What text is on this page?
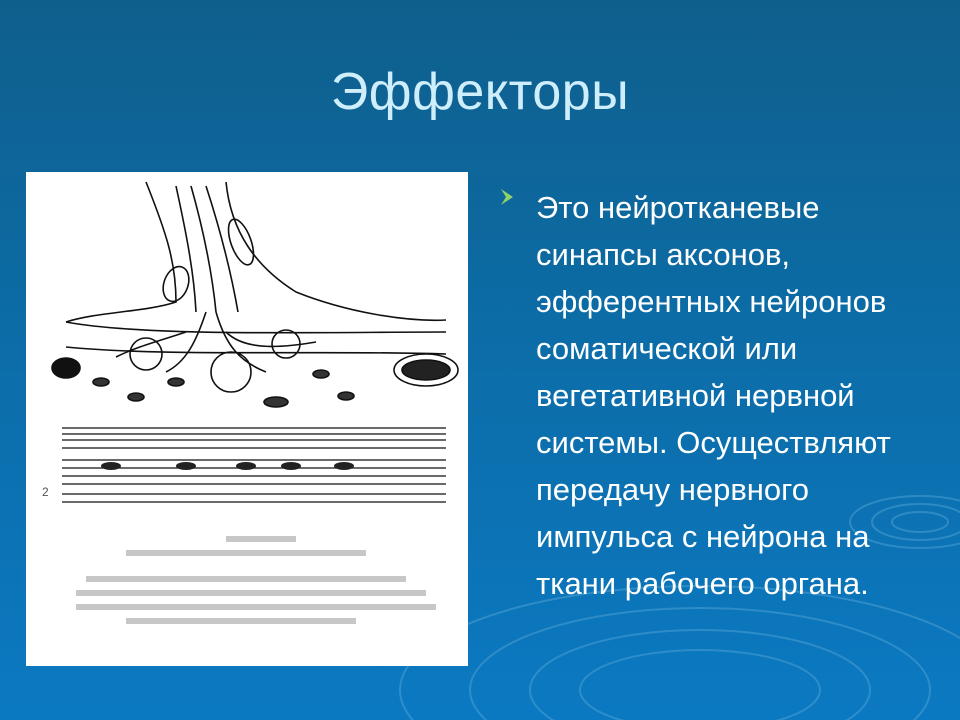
Эффекторы
2
Это нейротканевые синапсы аксонов, эфферентных нейронов соматической или вегетативной нервной системы. Осуществляют передачу нервного импульса с нейрона на ткани рабочего органа.
